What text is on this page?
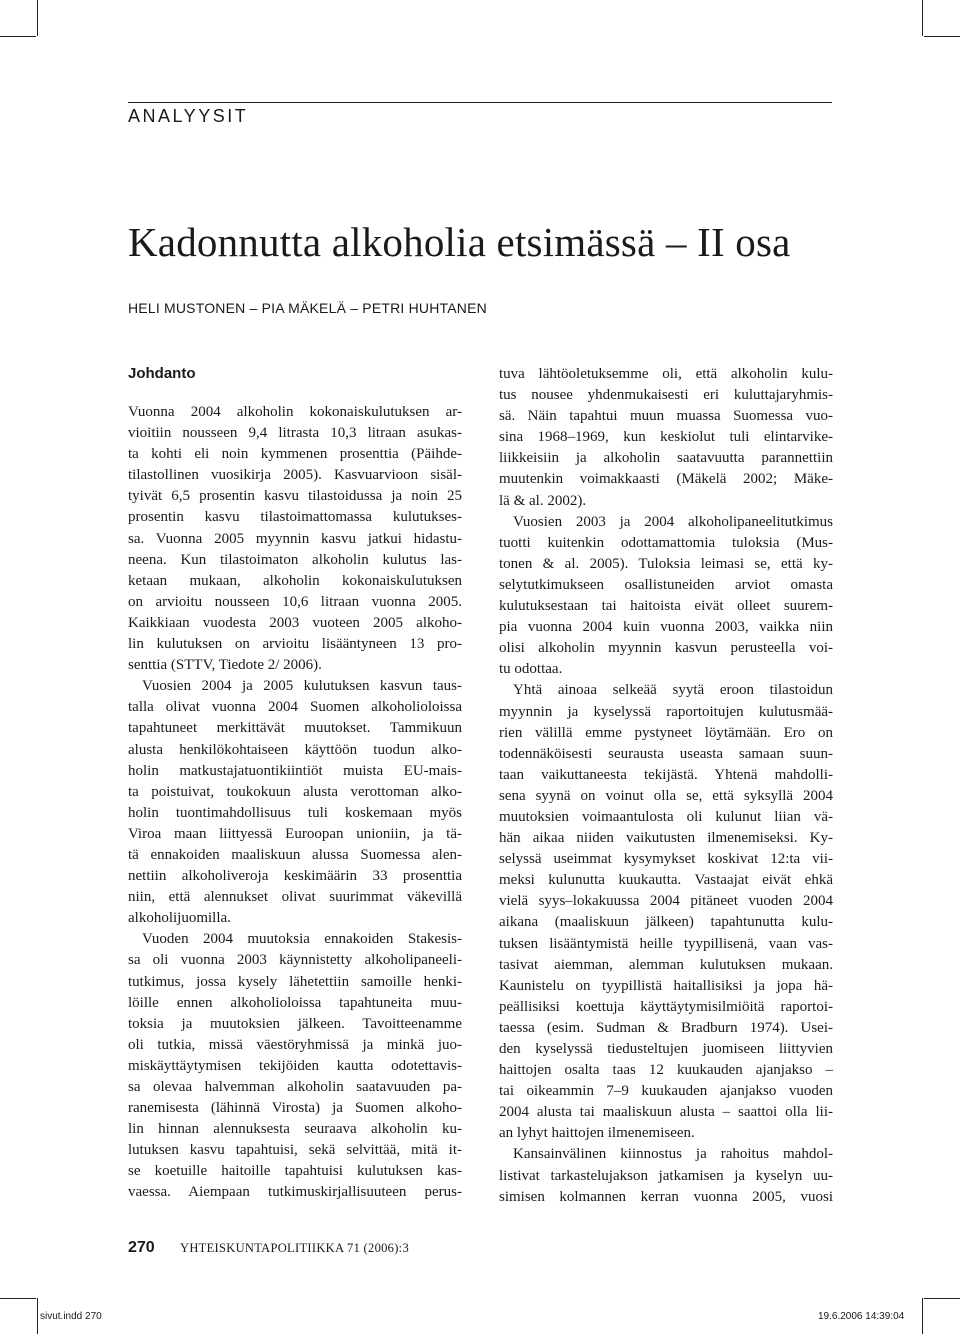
ANALYYSIT
Kadonnutta alkoholia etsimässä – II osa
HELI MUSTONEN – PIA MÄKELÄ – PETRI HUHTANEN
Johdanto
Vuonna 2004 alkoholin kokonaiskulutuksen ar-
vioitiin nousseen 9,4 litrasta 10,3 litraan asukas-
ta kohti eli noin kymmenen prosenttia (Päihde-
tilastollinen vuosikirja 2005). Kasvuarvioon sisäl-
tyivät 6,5 prosentin kasvu tilastoidussa ja noin 25
prosentin kasvu tilastoimattomassa kulutukses-
sa. Vuonna 2005 myynnin kasvu jatkui hidastu-
neena. Kun tilastoimaton alkoholin kulutus las-
ketaan mukaan, alkoholin kokonaiskulutuksen
on arvioitu nousseen 10,6 litraan vuonna 2005.
Kaikkiaan vuodesta 2003 vuoteen 2005 alkoho-
lin kulutuksen on arvioitu lisääntyneen 13 pro-
senttia (STTV, Tiedote 2/ 2006).
Vuosien 2004 ja 2005 kulutuksen kasvun taus-
talla olivat vuonna 2004 Suomen alkoholioloissa
tapahtuneet merkittävät muutokset. Tammikuun
alusta henkilökohtaiseen käyttöön tuodun alko-
holin matkustajatuontikiintiöt muista EU-mais-
ta poistuivat, toukokuun alusta verottoman alko-
holin tuontimahdollisuus tuli koskemaan myös
Viroa maan liittyessä Euroopan unioniin, ja tä-
tä ennakoiden maaliskuun alussa Suomessa alen-
nettiin alkoholiveroja keskimäärin 33 prosenttia
niin, että alennukset olivat suurimmat väkevillä
alkoholijuomilla.
Vuoden 2004 muutoksia ennakoiden Stakesis-
sa oli vuonna 2003 käynnistetty alkoholipaneeli-
tutkimus, jossa kysely lähetettiin samoille henki-
löille ennen alkoholioloissa tapahtuneita muu-
toksia ja muutoksien jälkeen. Tavoitteenamme
oli tutkia, missä väestöryhmissä ja minkä juo-
miskäyttäytymisen tekijöiden kautta odotettavis-
sa olevaa halvemman alkoholin saatavuuden pa-
ranemisesta (lähinnä Virosta) ja Suomen alkoho-
lin hinnan alennuksesta seuraava alkoholin ku-
lutuksen kasvu tapahtuisi, sekä selvittää, mitä it-
se koetuille haitoille tapahtuisi kulutuksen kas-
vaessa. Aiempaan tutkimuskirjallisuuteen perus-
tuva lähtöoletuksemme oli, että alkoholin kulu-
tus nousee yhdenmukaisesti eri kuluttajaryhmis-
sä. Näin tapahtui muun muassa Suomessa vuo-
sina 1968–1969, kun keskiolut tuli elintarvike-
liikkeisiin ja alkoholin saatavuutta parannettiin
muutenkin voimakkaasti (Mäkelä 2002; Mäke-
lä & al. 2002).
Vuosien 2003 ja 2004 alkoholipaneelitutkimus
tuotti kuitenkin odottamattomia tuloksia (Mus-
tonen & al. 2005). Tuloksia leimasi se, että ky-
selytutkimukseen osallistuneiden arviot omasta
kulutuksestaan tai haitoista eivät olleet suurem-
pia vuonna 2004 kuin vuonna 2003, vaikka niin
olisi alkoholin myynnin kasvun perusteella voi-
tu odottaa.
Yhtä ainoaa selkeää syytä eroon tilastoidun
myynnin ja kyselyssä raportoitujen kulutusmää-
rien välillä emme pystyneet löytämään. Ero on
todennäköisesti seurausta useasta samaan suun-
taan vaikuttaneesta tekijästä. Yhtenä mahdolli-
sena syynä on voinut olla se, että syksyllä 2004
muutoksien voimaantulosta oli kulunut liian vä-
hän aikaa niiden vaikutusten ilmenemiseksi. Ky-
selyssä useimmat kysymykset koskivat 12:ta vii-
meksi kulunutta kuukautta. Vastaajat eivät ehkä
vielä syys–lokakuussa 2004 pitäneet vuoden 2004
aikana (maaliskuun jälkeen) tapahtunutta kulu-
tuksen lisääntymistä heille tyypillisenä, vaan vas-
tasivat aiemman, alemman kulutuksen mukaan.
Kaunistelu on tyypillistä haitallisiksi ja jopa hä-
peällisiksi koettuja käyttäytymisilmiöitä raportoi-
taessa (esim. Sudman & Bradburn 1974). Usei-
den kyselyssä tiedusteltujen juomiseen liittyvien
haittojen osalta taas 12 kuukauden ajanjakso –
tai oikeammin 7–9 kuukauden ajanjakso vuoden
2004 alusta tai maaliskuun alusta – saattoi olla lii-
an lyhyt haittojen ilmenemiseen.
Kansainvälinen kiinnostus ja rahoitus mahdol-
listivat tarkastelujakson jatkamisen ja kyselyn uu-
simisen kolmannen kerran vuonna 2005, vuosi
270 YHTEISKUNTAPOLITIIKKA 71 (2006):3
sivut.indd 270	19.6.2006 14:39:04
